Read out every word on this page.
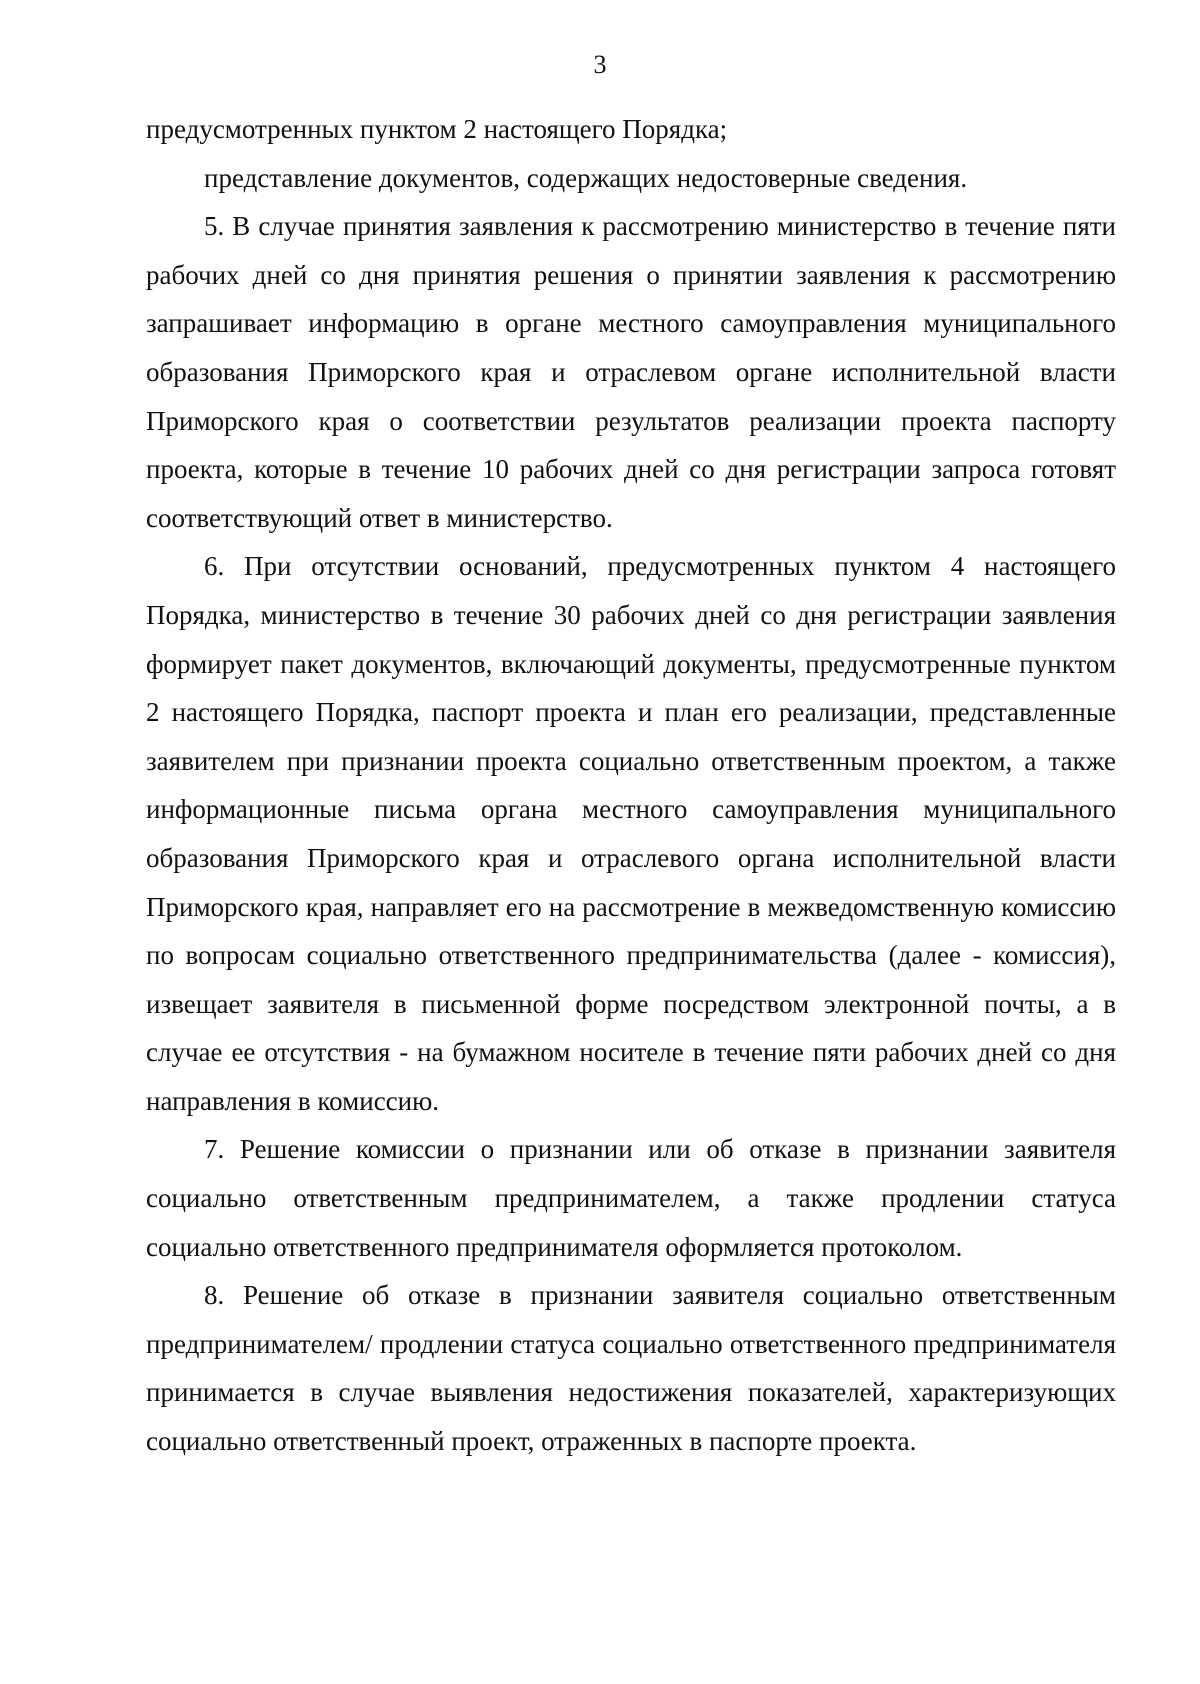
3

предусмотренных пунктом 2 настоящего Порядка;

представление документов, содержащих недостоверные сведения.

5. В случае принятия заявления к рассмотрению министерство в течение пяти рабочих дней со дня принятия решения о принятии заявления к рассмотрению запрашивает информацию в органе местного самоуправления муниципального образования Приморского края и отраслевом органе исполнительной власти Приморского края о соответствии результатов реализации проекта паспорту проекта, которые в течение 10 рабочих дней со дня регистрации запроса готовят соответствующий ответ в министерство.

6. При отсутствии оснований, предусмотренных пунктом 4 настоящего Порядка, министерство в течение 30 рабочих дней со дня регистрации заявления формирует пакет документов, включающий документы, предусмотренные пунктом 2 настоящего Порядка, паспорт проекта и план его реализации, представленные заявителем при признании проекта социально ответственным проектом, а также информационные письма органа местного самоуправления муниципального образования Приморского края и отраслевого органа исполнительной власти Приморского края, направляет его на рассмотрение в межведомственную комиссию по вопросам социально ответственного предпринимательства (далее - комиссия), извещает заявителя в письменной форме посредством электронной почты, а в случае ее отсутствия - на бумажном носителе в течение пяти рабочих дней со дня направления в комиссию.

7. Решение комиссии о признании или об отказе в признании заявителя социально ответственным предпринимателем, а также продлении статуса социально ответственного предпринимателя оформляется протоколом.

8. Решение об отказе в признании заявителя социально ответственным предпринимателем/ продлении статуса социально ответственного предпринимателя принимается в случае выявления недостижения показателей, характеризующих социально ответственный проект, отраженных в паспорте проекта.
